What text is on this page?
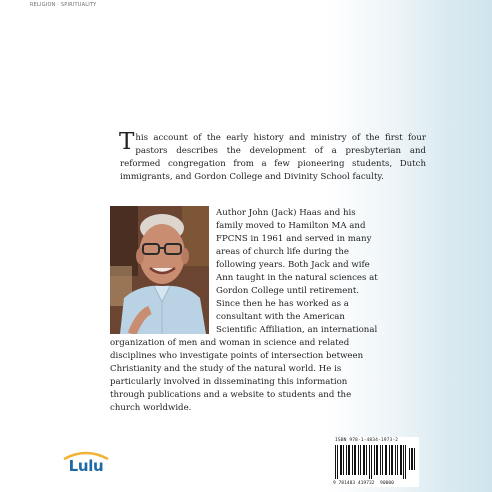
RELIGION · SPIRITUALITY
This account of the early history and ministry of the first four pastors describes the development of a presbyterian and reformed congregation from a few pioneering students, Dutch immigrants, and Gordon College and Divinity School faculty.
Author John (Jack) Haas and his family moved to Hamilton MA and FPCNS in 1961 and served in many areas of church life during the following years. Both Jack and wife Ann taught in the natural sciences at Gordon College until retirement. Since then he has worked as a consultant with the American Scientific Affiliation, an international organization of men and woman in science and related disciplines who investigate points of intersection between Christianity and the study of the natural world. He is particularly involved in disseminating this information through publications and a website to students and the church worldwide.
Lulu
ISBN 978-1-4834-1973-2
9 781483 419732 90000
